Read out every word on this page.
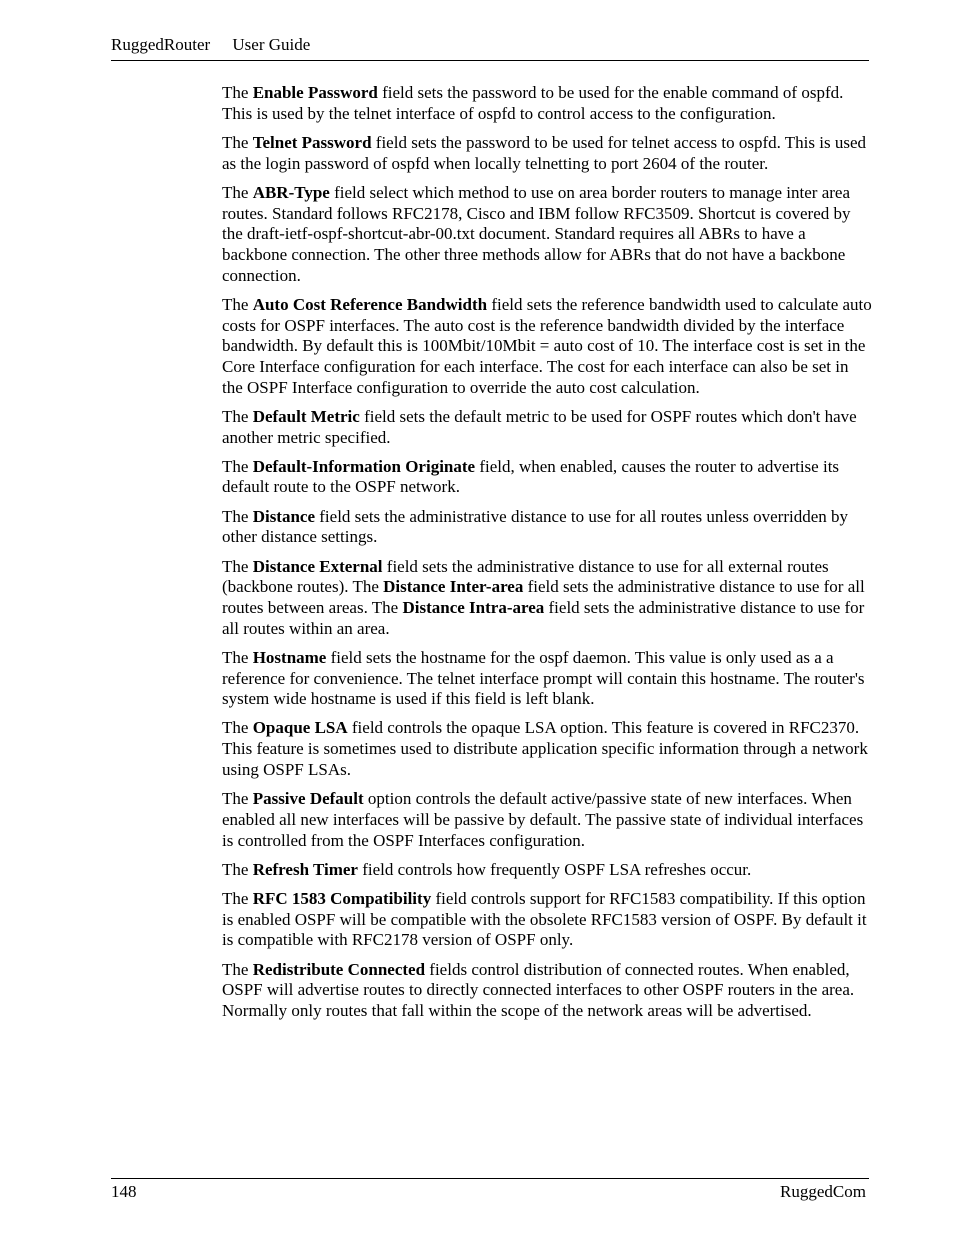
RuggedRouter User Guide

The Enable Password field sets the password to be used for the enable command of ospfd. This is used by the telnet interface of ospfd to control access to the configuration.

The Telnet Password field sets the password to be used for telnet access to ospfd. This is used as the login password of ospfd when locally telnetting to port 2604 of the router.

The ABR-Type field select which method to use on area border routers to manage inter area routes. Standard follows RFC2178, Cisco and IBM follow RFC3509. Shortcut is covered by the draft-ietf-ospf-shortcut-abr-00.txt document. Standard requires all ABRs to have a backbone connection. The other three methods allow for ABRs that do not have a backbone connection.

The Auto Cost Reference Bandwidth field sets the reference bandwidth used to calculate auto costs for OSPF interfaces. The auto cost is the reference bandwidth divided by the interface bandwidth. By default this is 100Mbit/10Mbit = auto cost of 10. The interface cost is set in the Core Interface configuration for each interface. The cost for each interface can also be set in the OSPF Interface configuration to override the auto cost calculation.

The Default Metric field sets the default metric to be used for OSPF routes which don't have another metric specified.

The Default-Information Originate field, when enabled, causes the router to advertise its default route to the OSPF network.

The Distance field sets the administrative distance to use for all routes unless overridden by other distance settings.

The Distance External field sets the administrative distance to use for all external routes (backbone routes). The Distance Inter-area field sets the administrative distance to use for all routes between areas. The Distance Intra-area field sets the administrative distance to use for all routes within an area.

The Hostname field sets the hostname for the ospf daemon. This value is only used as a a reference for convenience. The telnet interface prompt will contain this hostname. The router's system wide hostname is used if this field is left blank.

The Opaque LSA field controls the opaque LSA option. This feature is covered in RFC2370. This feature is sometimes used to distribute application specific information through a network using OSPF LSAs.

The Passive Default option controls the default active/passive state of new interfaces. When enabled all new interfaces will be passive by default. The passive state of individual interfaces is controlled from the OSPF Interfaces configuration.

The Refresh Timer field controls how frequently OSPF LSA refreshes occur.

The RFC 1583 Compatibility field controls support for RFC1583 compatibility. If this option is enabled OSPF will be compatible with the obsolete RFC1583 version of OSPF. By default it is compatible with RFC2178 version of OSPF only.

The Redistribute Connected fields control distribution of connected routes. When enabled, OSPF will advertise routes to directly connected interfaces to other OSPF routers in the area. Normally only routes that fall within the scope of the network areas will be advertised.

148	RuggedCom
